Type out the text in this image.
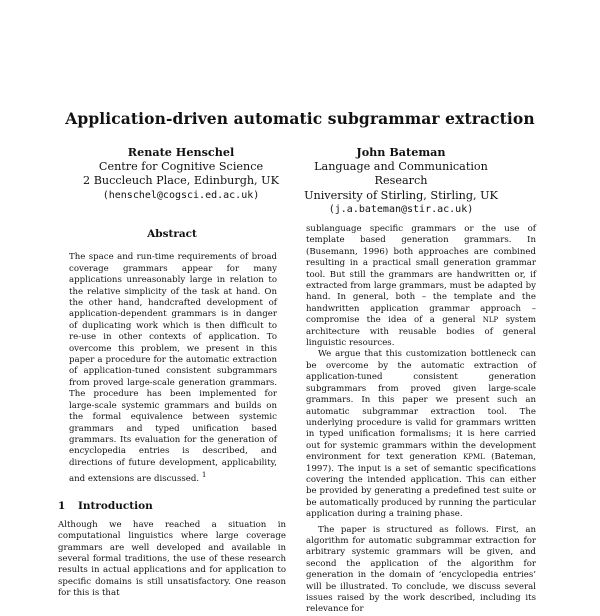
Application-driven automatic subgrammar extraction
Renate Henschel
Centre for Cognitive Science
2 Buccleuch Place, Edinburgh, UK
(henschel@cogsci.ed.ac.uk)
John Bateman
Language and Communication Research
University of Stirling, Stirling, UK
(j.a.bateman@stir.ac.uk)
Abstract

The space and run-time requirements of broad coverage grammars appear for many applications unreasonably large in relation to the relative simplicity of the task at hand. On the other hand, handcrafted development of application-dependent grammars is in danger of duplicating work which is then difficult to re-use in other contexts of application. To overcome this problem, we present in this paper a procedure for the automatic extraction of application-tuned consistent subgrammars from proved large-scale generation grammars. The procedure has been implemented for large-scale systemic grammars and builds on the formal equivalence between systemic grammars and typed unification based grammars. Its evaluation for the generation of encyclopedia entries is described, and directions of future development, applicability, and extensions are discussed. $^1$

1 Introduction

Although we have reached a situation in computational linguistics where large coverage grammars are well developed and available in several formal traditions, the use of these research results in actual applications and for application to specific domains is still unsatisfactory. One reason for this is that

sublanguage specific grammars or the use of template based generation grammars. In (Busemann, 1996) both approaches are combined resulting in a practical small generation grammar tool. But still the grammars are handwritten or, if extracted from large grammars, must be adapted by hand. In general, both – the template and the handwritten application grammar approach – compromise the idea of a general NLP system architecture with reusable bodies of general linguistic resources.

We argue that this customization bottleneck can be overcome by the automatic extraction of application-tuned consistent generation subgrammars from proved given large-scale grammars. In this paper we present such an automatic subgrammar extraction tool. The underlying procedure is valid for grammars written in typed unification formalisms; it is here carried out for systemic grammars within the development environment for text generation KPML (Bateman, 1997). The input is a set of semantic specifications covering the intended application. This can either be provided by generating a predefined test suite or be automatically produced by running the particular application during a training phase.

The paper is structured as follows. First, an algorithm for automatic subgrammar extraction for arbitrary systemic grammars will be given, and second the application of the algorithm for generation in the domain of ‘encyclopedia entries’ will be illustrated. To conclude, we discuss several issues raised by the work described, including its relevance for
